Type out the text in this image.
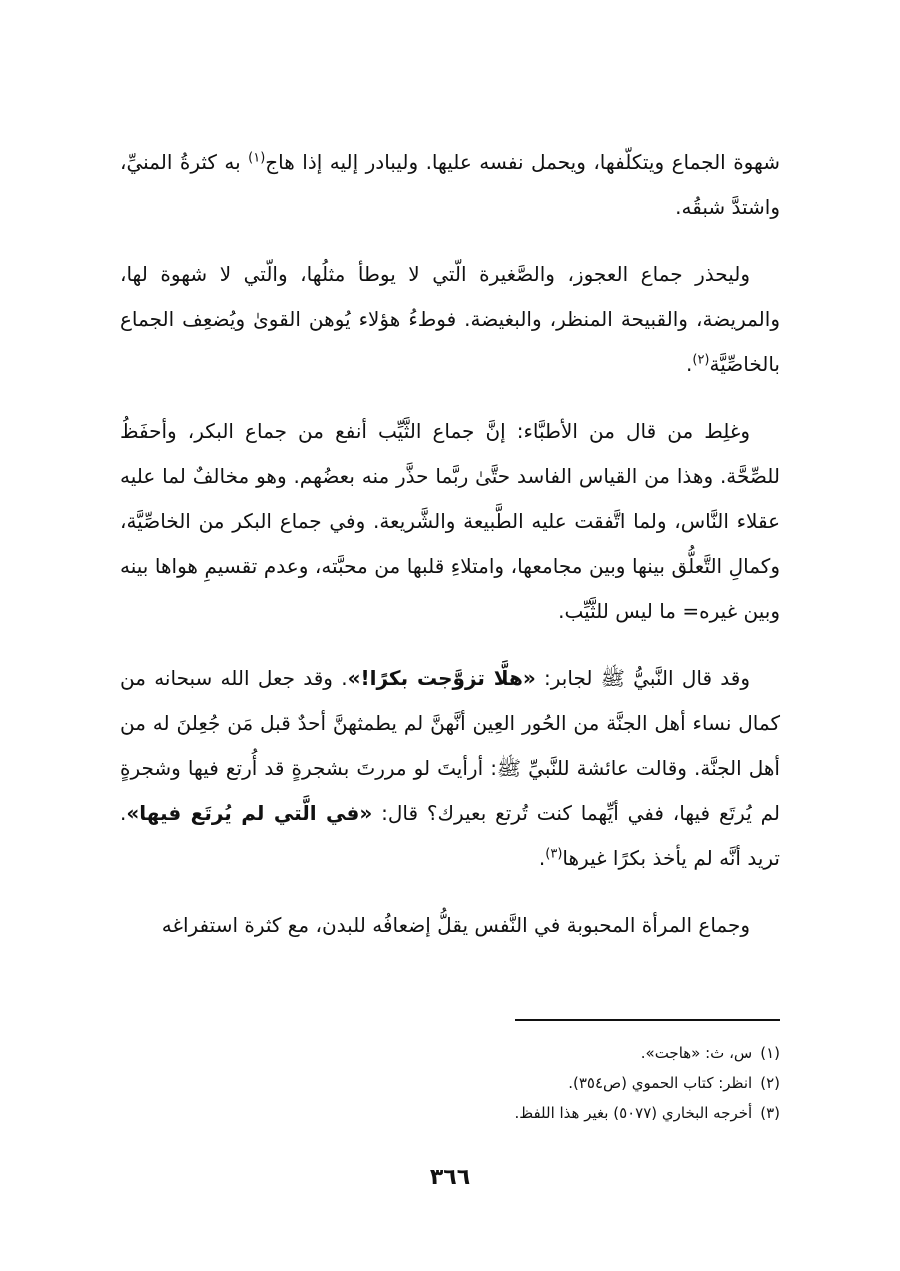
شهوة الجماع ويتكلّفها، ويحمل نفسه عليها. وليبادر إليه إذا هاج$^{(١)}$ به كثرةُ المنيِّ، واشتدَّ شبقُه.

وليحذر جماع العجوز، والصَّغيرة الّتي لا يوطأ مثلُها، والّتي لا شهوة لها، والمريضة، والقبيحة المنظر، والبغيضة. فوطءُ هؤلاء يُوهن القوىٰ ويُضعِف الجماع بالخاصِّيَّة$^{(٢)}$.

وغلِط من قال من الأطبَّاء: إنَّ جماع الثَّيِّب أنفع من جماع البكر، وأحفَظُ للصِّحَّة. وهذا من القياس الفاسد حتَّىٰ ربَّما حذَّر منه بعضُهم. وهو مخالفٌ لما عليه عقلاء النَّاس، ولما اتَّفقت عليه الطَّبيعة والشَّريعة. وفي جماع البكر من الخاصِّيَّة، وكمالِ التَّعلُّق بينها وبين مجامعها، وامتلاءِ قلبها من محبَّته، وعدم تقسيمِ هواها بينه وبين غيره= ما ليس للثَّيِّب.

وقد قال النَّبيُّ ﷺ لجابر: «هلَّا تزوَّجت بكرًا!». وقد جعل الله سبحانه من كمال نساء أهل الجنَّة من الحُور العِين أنَّهنَّ لم يطمثهنَّ أحدٌ قبل مَن جُعِلنَ له من أهل الجنَّة. وقالت عائشة للنَّبيِّ ﷺ: أرأيتَ لو مررتَ بشجرةٍ قد أُرتع فيها وشجرةٍ لم يُرتَع فيها، ففي أيِّهما كنت تُرتع بعيرك؟ قال: «في الَّتي لم يُرتَع فيها». تريد أنَّه لم يأخذ بكرًا غيرها$^{(٣)}$.

وجماع المرأة المحبوبة في النَّفس يقلُّ إضعافُه للبدن، مع كثرة استفراغه

(١)س، ث: «هاجت».
(٢)انظر: كتاب الحموي (ص٣٥٤).
(٣)أخرجه البخاري (٥٠٧٧) بغير هذا اللفظ.
٣٦٦
